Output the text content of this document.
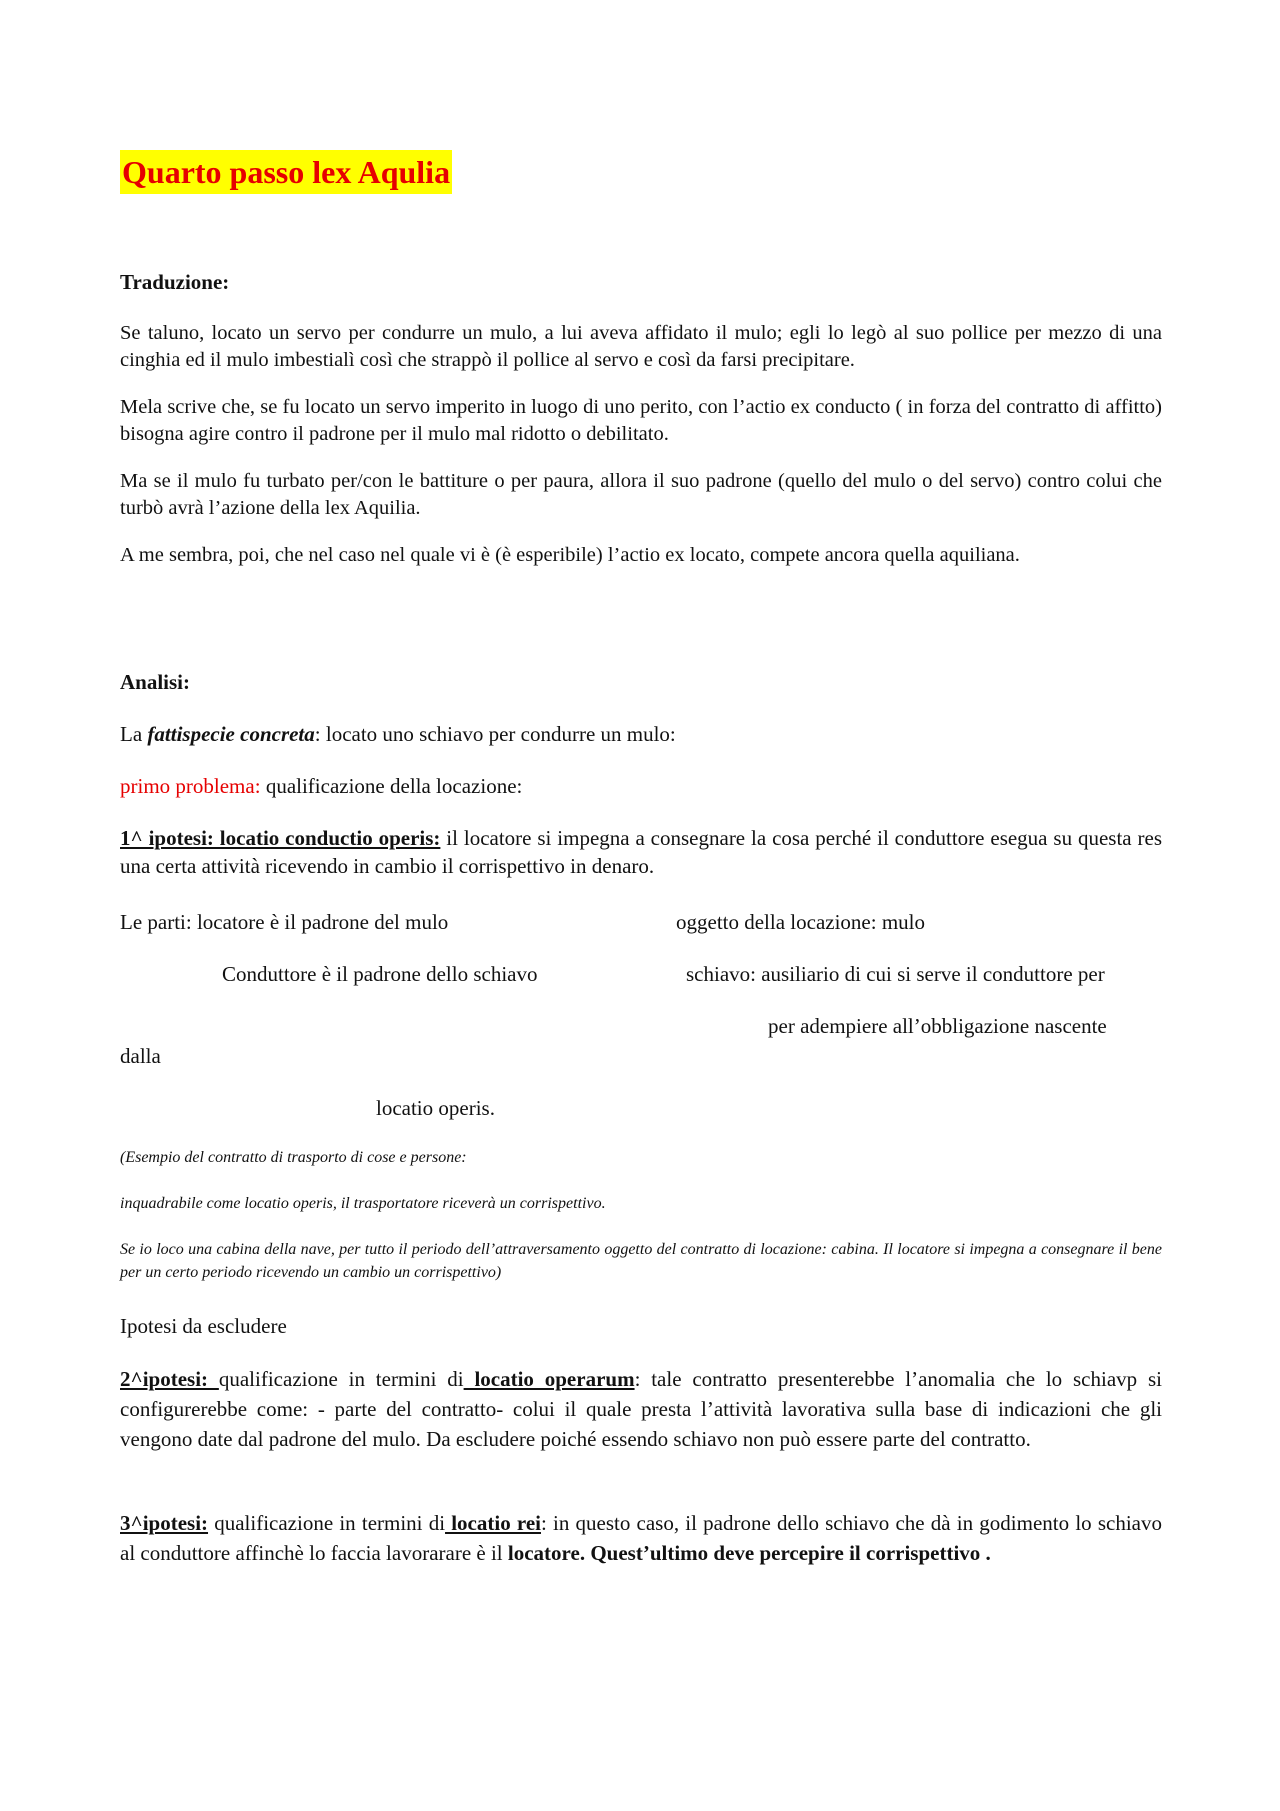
Quarto passo lex Aqulia
Traduzione:

Se taluno, locato un servo per condurre un mulo, a lui aveva affidato il mulo; egli lo legò al suo pollice per mezzo di una cinghia ed il mulo imbestialì così che strappò il pollice al servo e così da farsi precipitare.

Mela scrive che, se fu locato un servo imperito in luogo di uno perito, con l’actio ex conducto ( in forza del contratto di affitto) bisogna agire contro il padrone per il mulo mal ridotto o debilitato.

Ma se il mulo fu turbato per/con le battiture o per paura, allora il suo padrone (quello del mulo o del servo) contro colui che turbò avrà l’azione della lex Aquilia.

A me sembra, poi, che nel caso nel quale vi è (è esperibile) l’actio ex locato, compete ancora quella aquiliana.

Analisi:

La fattispecie concreta: locato uno schiavo per condurre un mulo:

primo problema: qualificazione della locazione:

1^ ipotesi: locatio conductio operis: il locatore si impegna a consegnare la cosa perché il conduttore esegua su questa res una certa attività ricevendo in cambio il corrispettivo in denaro.

Le parti: locatore è il padrone del mulo	oggetto della locazione: mulo
Conduttore è il padrone dello schiavo	schiavo: ausiliario di cui si serve il conduttore per
per adempiere all’obbligazione nascente
dalla
locatio operis.

(Esempio del contratto di trasporto di cose e persone:

inquadrabile come locatio operis, il trasportatore riceverà un corrispettivo.

Se io loco una cabina della nave, per tutto il periodo dell’attraversamento oggetto del contratto di locazione: cabina. Il locatore si impegna a consegnare il bene per un certo periodo ricevendo un cambio un corrispettivo)

Ipotesi da escludere

2^ipotesi: qualificazione in termini di locatio operarum: tale contratto presenterebbe l’anomalia che lo schiavp si configurerebbe come: - parte del contratto- colui il quale presta l’attività lavorativa sulla base di indicazioni che gli vengono date dal padrone del mulo. Da escludere poiché essendo schiavo non può essere parte del contratto.

3^ipotesi: qualificazione in termini di locatio rei: in questo caso, il padrone dello schiavo che dà in godimento lo schiavo al conduttore affinchè lo faccia lavorarare è il locatore. Quest’ultimo deve percepire il corrispettivo .
